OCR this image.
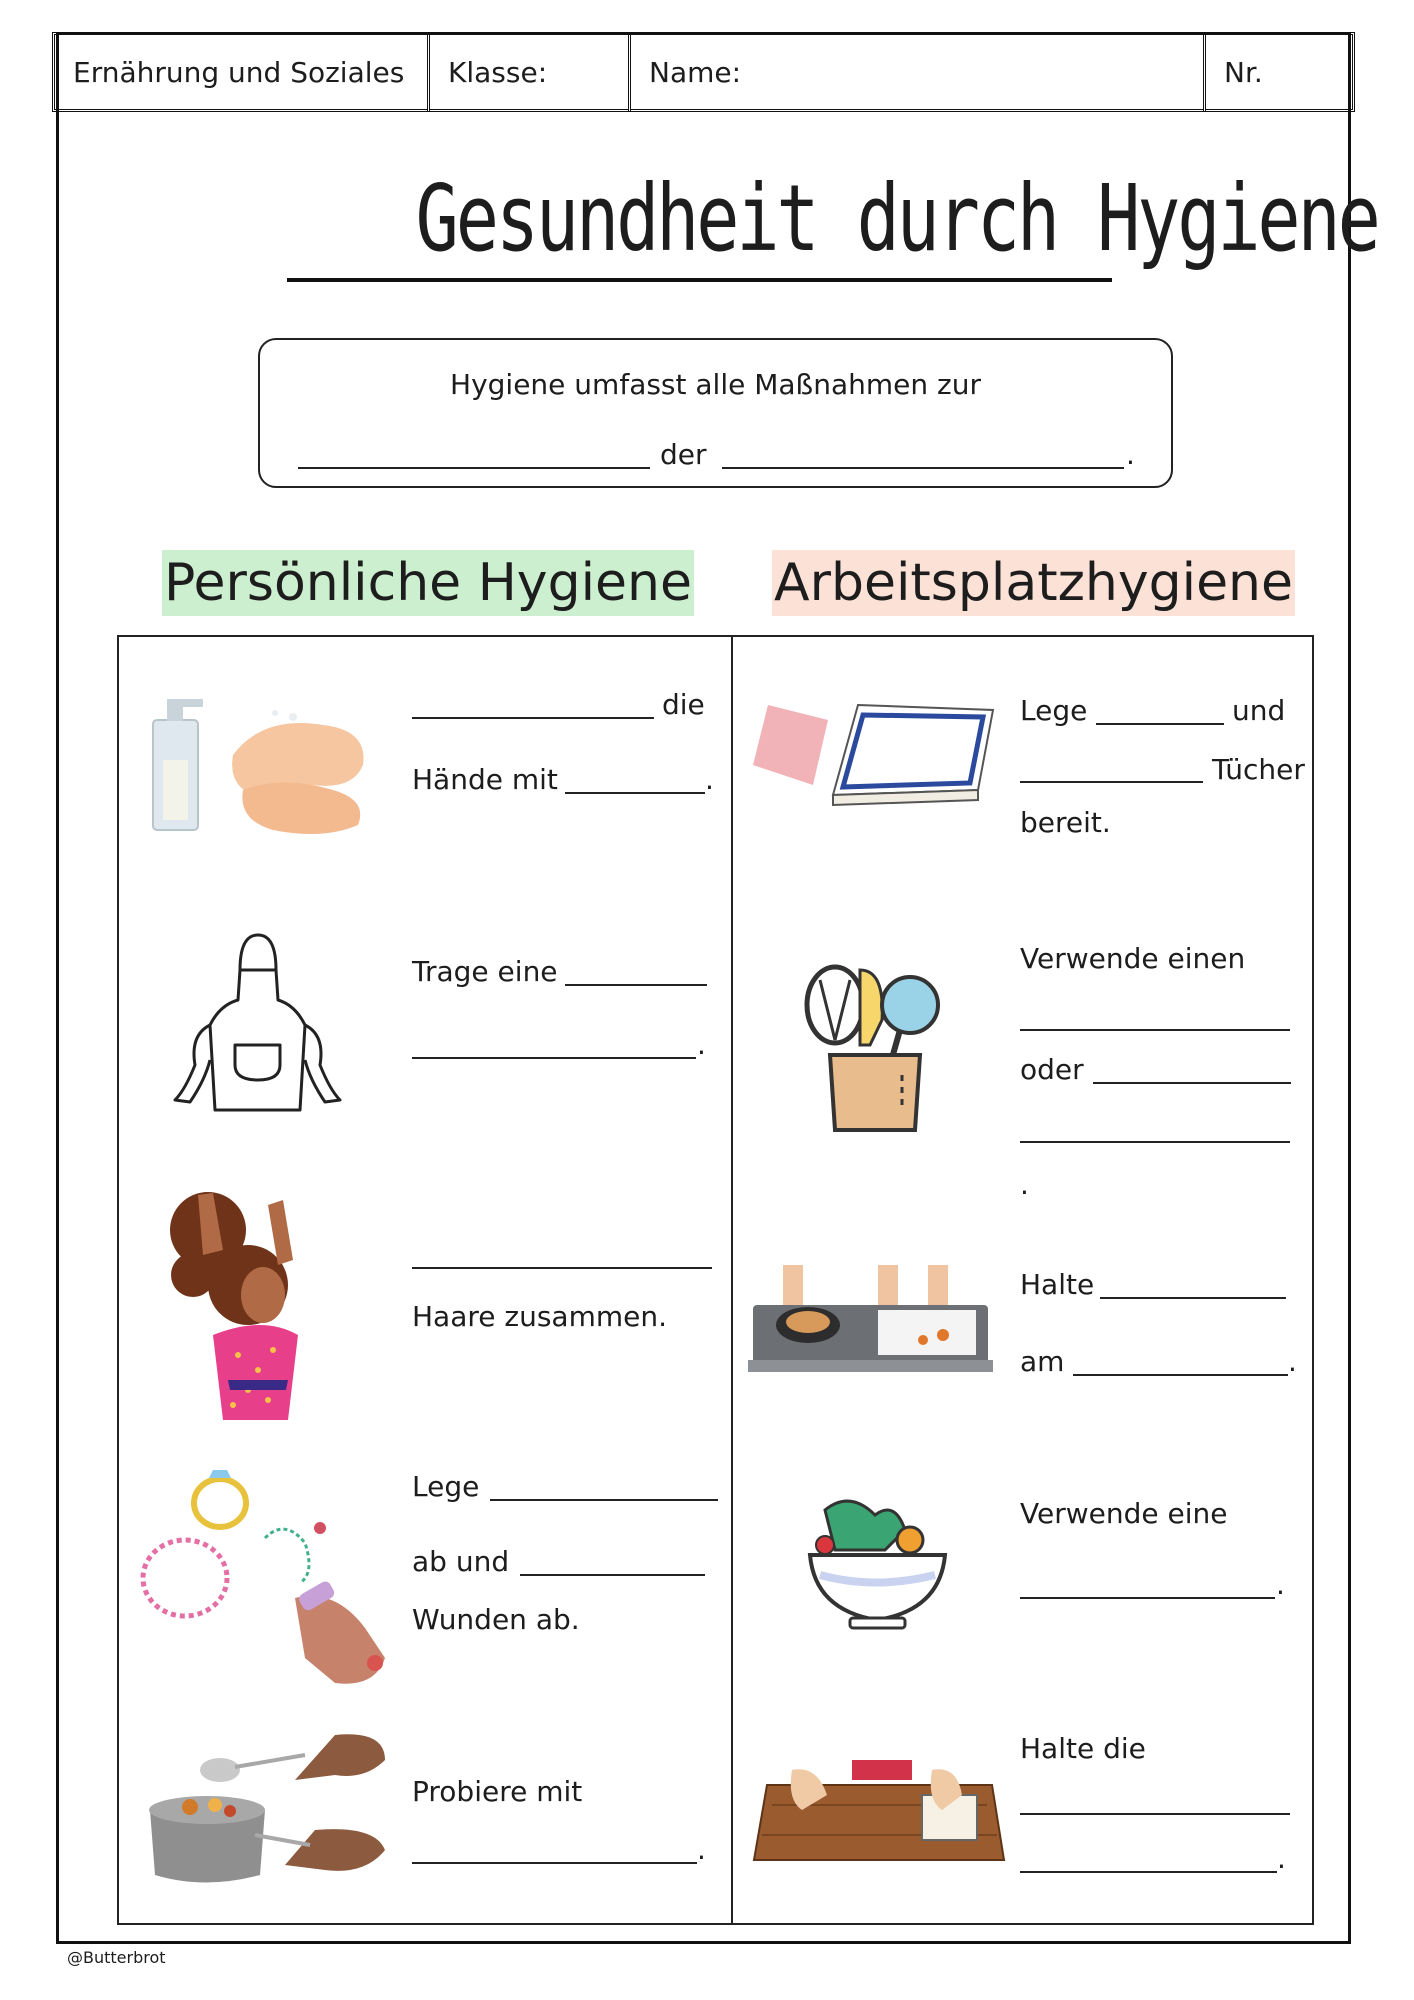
Ernährung und Soziales	Klasse:	Name:	Nr.
Gesundheit durch Hygiene
Hygiene umfasst alle Maßnahmen zur
der	.
Persönliche Hygiene Arbeitsplatzhygiene
die
Hände mit	.
Trage eine
.
Haare zusammen.
Lege
ab und
Wunden ab.
Probiere mit
.
Lege	und
Tücher
bereit.
Verwende einen
oder
.
Halte
am	.
Verwende eine
.
Halte die
.
@Butterbrot
